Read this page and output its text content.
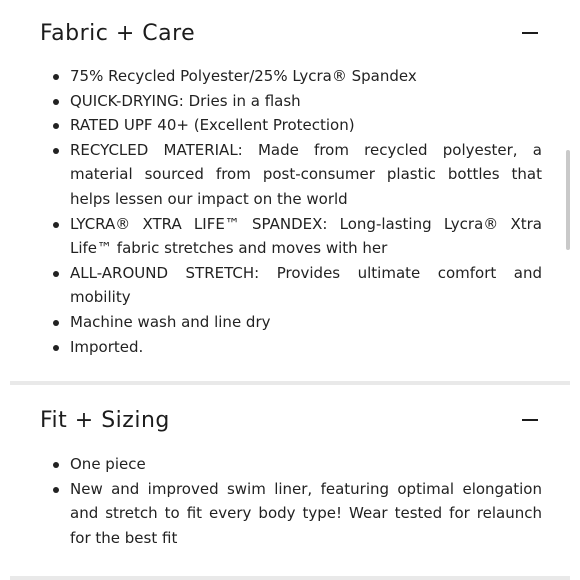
Fabric + Care
75% Recycled Polyester/25% Lycra® Spandex
QUICK-DRYING: Dries in a flash
RATED UPF 40+ (Excellent Protection)
RECYCLED MATERIAL: Made from recycled polyester, a material sourced from post-consumer plastic bottles that helps lessen our impact on the world
LYCRA® XTRA LIFE™ SPANDEX: Long-lasting Lycra® Xtra Life™ fabric stretches and moves with her
ALL-AROUND STRETCH: Provides ultimate comfort and mobility
Machine wash and line dry
Imported.
Fit + Sizing
One piece
New and improved swim liner, featuring optimal elongation and stretch to fit every body type! Wear tested for relaunch for the best fit
